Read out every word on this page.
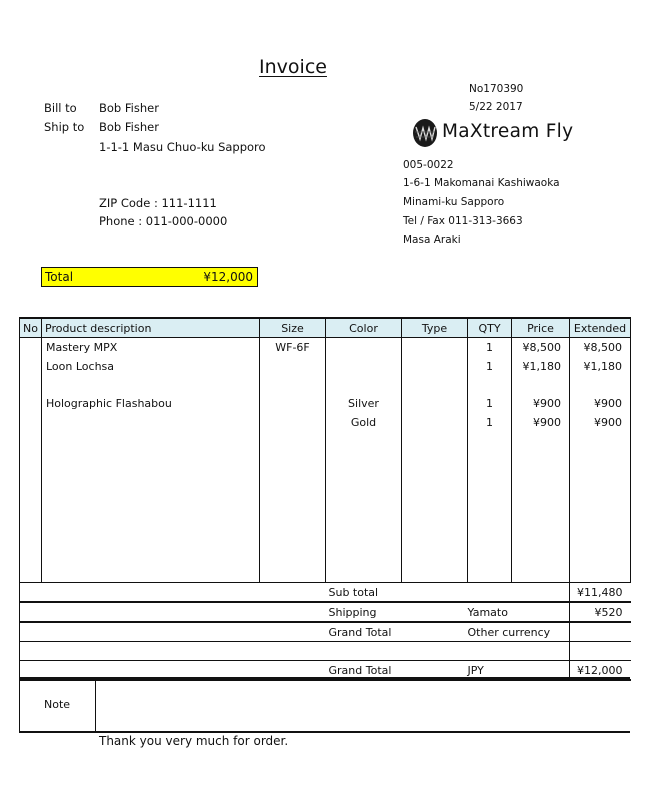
Invoice
Bill to Bob Fisher
Ship to Bob Fisher
1-1-1 Masu Chuo-ku Sapporo
ZIP Code : 111-1111
Phone : 011-000-0000
No170390
5/22 2017
MaXtream Fly
005-0022
1-6-1 Makomanai Kashiwaoka
Minami-ku Sapporo
Tel / Fax 011-313-3663
Masa Araki
Total	¥12,000
No	Product description	Size	Color	Type	QTY	Price	Extended
	Mastery MPX	WF-6F			1	¥8,500	¥8,500
	Loon Lochsa				1	¥1,180	¥1,180

	Holographic Flashabou		Silver		1	¥900	¥900
			Gold		1	¥900	¥900

	Sub total		¥11,480
	Shipping	Yamato	¥520
	Grand Total	Other currency	

	Grand Total	JPY	¥12,000
Note
Thank you very much for order.
